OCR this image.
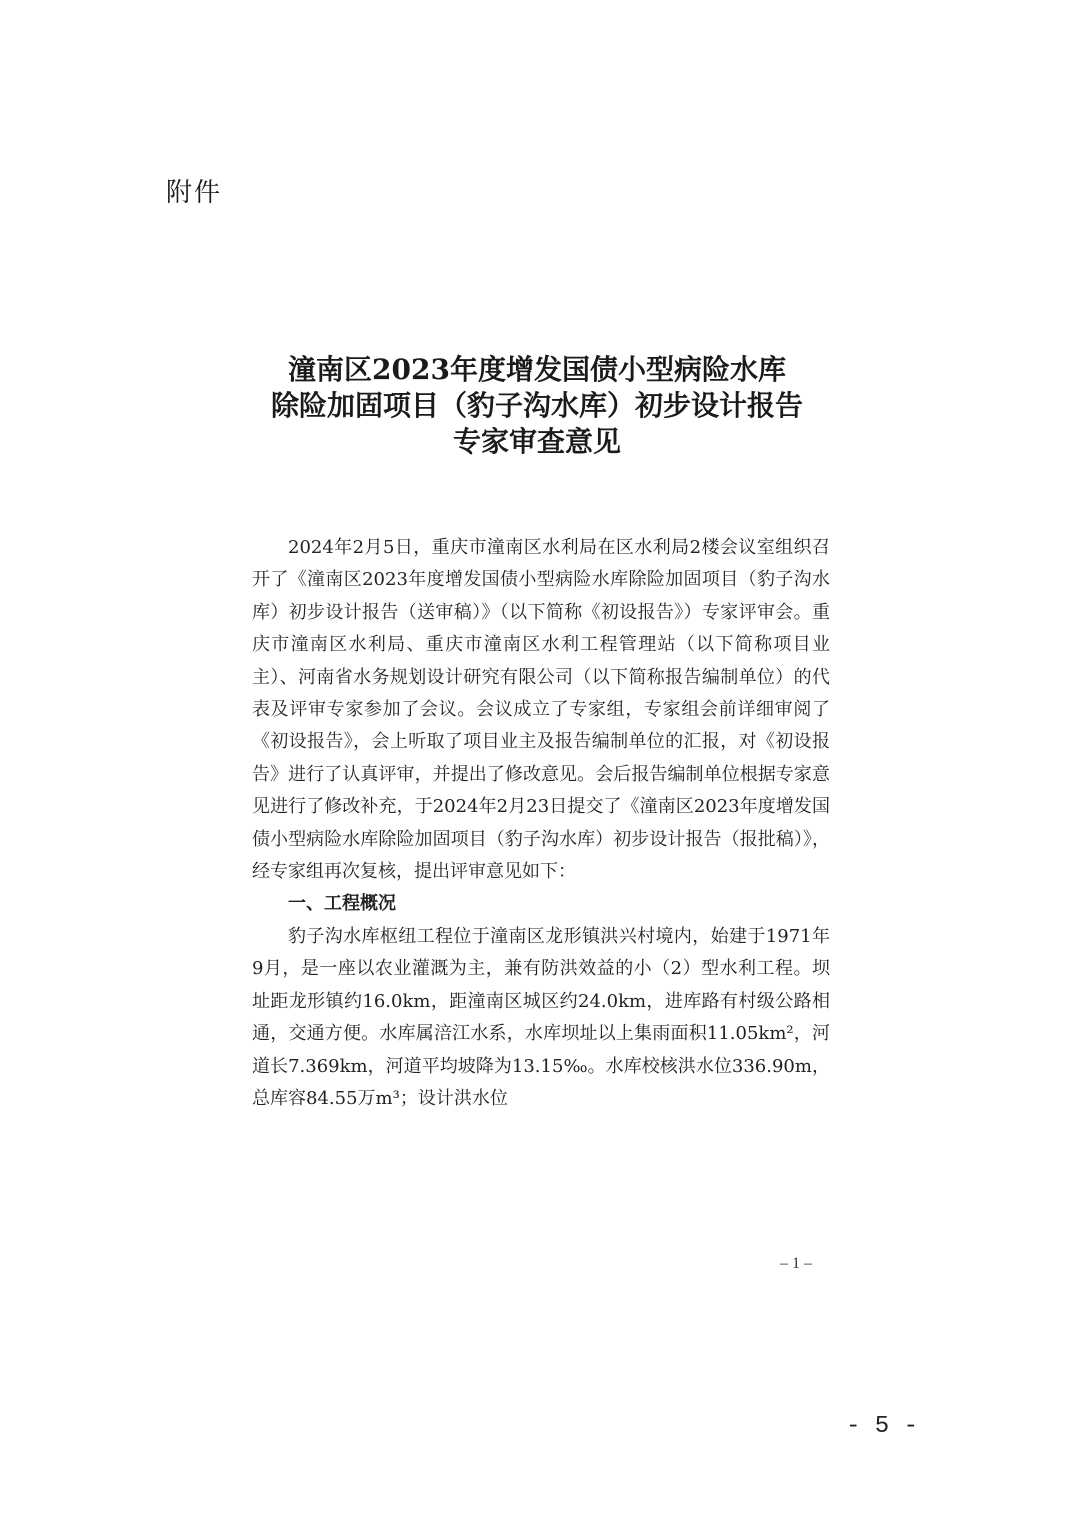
附件
潼南区2023年度增发国债小型病险水库
除险加固项目（豹子沟水库）初步设计报告
专家审查意见

2024年2月5日，重庆市潼南区水利局在区水利局2楼会议室组织召开了《潼南区2023年度增发国债小型病险水库除险加固项目（豹子沟水库）初步设计报告（送审稿）》（以下简称《初设报告》）专家评审会。重庆市潼南区水利局、重庆市潼南区水利工程管理站（以下简称项目业主）、河南省水务规划设计研究有限公司（以下简称报告编制单位）的代表及评审专家参加了会议。会议成立了专家组，专家组会前详细审阅了《初设报告》，会上听取了项目业主及报告编制单位的汇报，对《初设报告》进行了认真评审，并提出了修改意见。会后报告编制单位根据专家意见进行了修改补充，于2024年2月23日提交了《潼南区2023年度增发国债小型病险水库除险加固项目（豹子沟水库）初步设计报告（报批稿）》，经专家组再次复核，提出评审意见如下：

一、工程概况

豹子沟水库枢纽工程位于潼南区龙形镇洪兴村境内，始建于1971年9月，是一座以农业灌溉为主，兼有防洪效益的小（2）型水利工程。坝址距龙形镇约16.0km，距潼南区城区约24.0km，进库路有村级公路相通，交通方便。水库属涪江水系，水库坝址以上集雨面积11.05km²，河道长7.369km，河道平均坡降为13.15‰。水库校核洪水位336.90m，总库容84.55万m³；设计洪水位

– 1 –
- 5 -
